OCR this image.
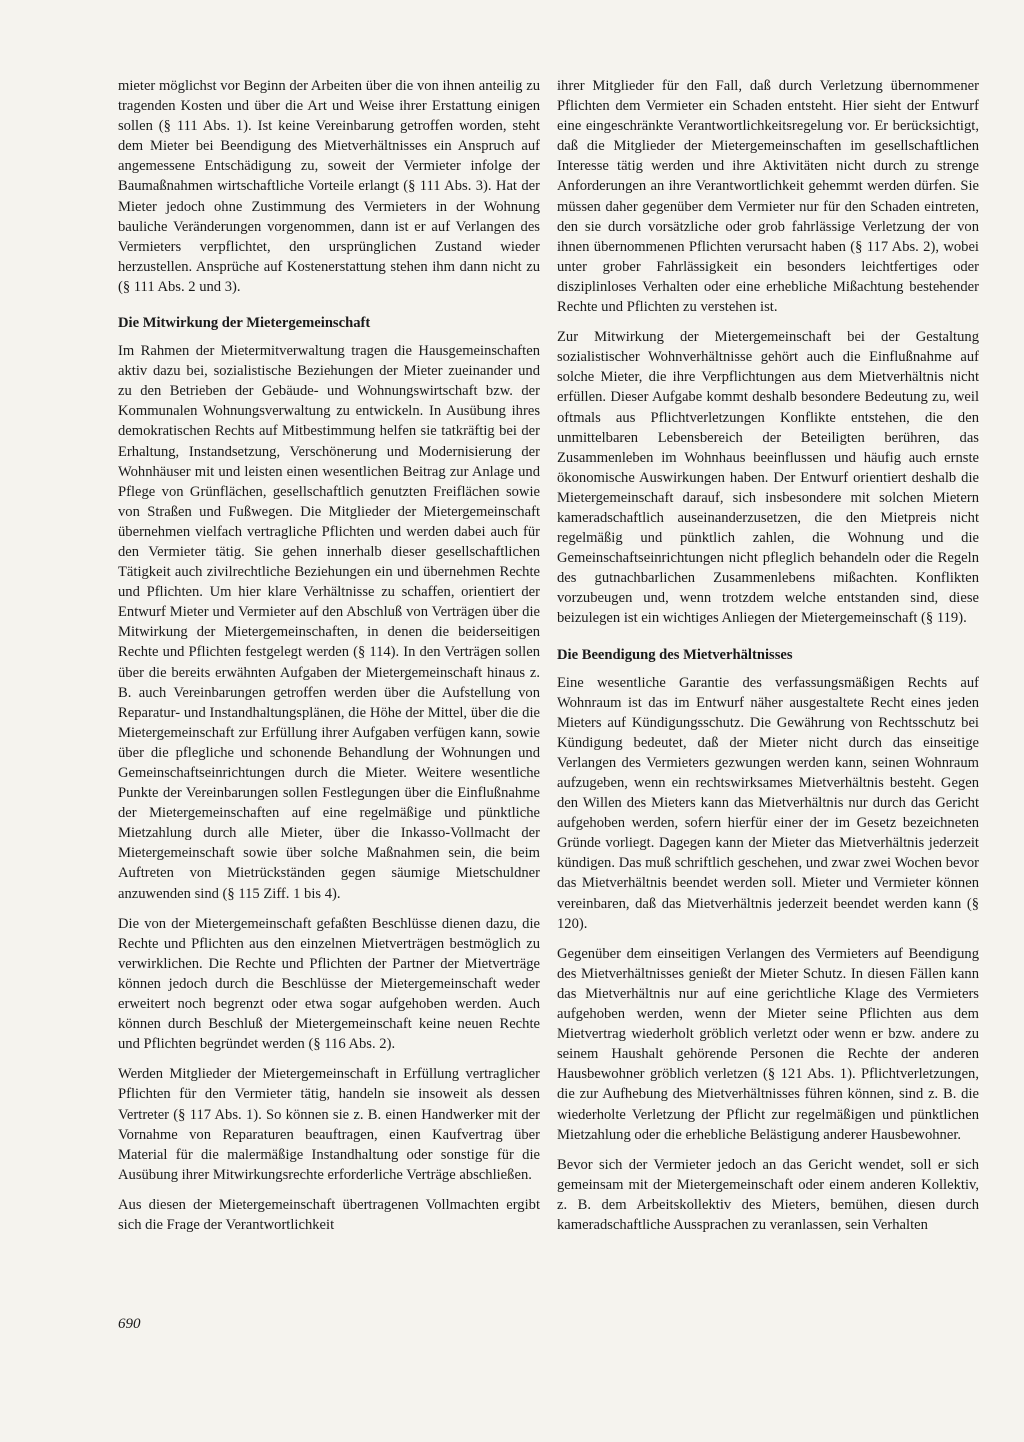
mieter möglichst vor Beginn der Arbeiten über die von ihnen anteilig zu tragenden Kosten und über die Art und Weise ihrer Erstattung einigen sollen (§ 111 Abs. 1). Ist keine Vereinbarung getroffen worden, steht dem Mieter bei Beendigung des Mietverhältnisses ein Anspruch auf angemessene Entschädigung zu, soweit der Vermieter infolge der Baumaßnahmen wirtschaftliche Vorteile erlangt (§ 111 Abs. 3). Hat der Mieter jedoch ohne Zustimmung des Vermieters in der Wohnung bauliche Veränderungen vorgenommen, dann ist er auf Verlangen des Vermieters verpflichtet, den ursprünglichen Zustand wieder herzustellen. Ansprüche auf Kostenerstattung stehen ihm dann nicht zu (§ 111 Abs. 2 und 3).

Die Mitwirkung der Mietergemeinschaft

Im Rahmen der Mietermitverwaltung tragen die Hausgemeinschaften aktiv dazu bei, sozialistische Beziehungen der Mieter zueinander und zu den Betrieben der Gebäude- und Wohnungswirtschaft bzw. der Kommunalen Wohnungsverwaltung zu entwickeln. In Ausübung ihres demokratischen Rechts auf Mitbestimmung helfen sie tatkräftig bei der Erhaltung, Instandsetzung, Verschönerung und Modernisierung der Wohnhäuser mit und leisten einen wesentlichen Beitrag zur Anlage und Pflege von Grünflächen, gesellschaftlich genutzten Freiflächen sowie von Straßen und Fußwegen. Die Mitglieder der Mietergemeinschaft übernehmen vielfach vertragliche Pflichten und werden dabei auch für den Vermieter tätig. Sie gehen innerhalb dieser gesellschaftlichen Tätigkeit auch zivilrechtliche Beziehungen ein und übernehmen Rechte und Pflichten. Um hier klare Verhältnisse zu schaffen, orientiert der Entwurf Mieter und Vermieter auf den Abschluß von Verträgen über die Mitwirkung der Mietergemeinschaften, in denen die beiderseitigen Rechte und Pflichten festgelegt werden (§ 114). In den Verträgen sollen über die bereits erwähnten Aufgaben der Mietergemeinschaft hinaus z. B. auch Vereinbarungen getroffen werden über die Aufstellung von Reparatur- und Instandhaltungsplänen, die Höhe der Mittel, über die die Mietergemeinschaft zur Erfüllung ihrer Aufgaben verfügen kann, sowie über die pflegliche und schonende Behandlung der Wohnungen und Gemeinschaftseinrichtungen durch die Mieter. Weitere wesentliche Punkte der Vereinbarungen sollen Festlegungen über die Einflußnahme der Mietergemeinschaften auf eine regelmäßige und pünktliche Mietzahlung durch alle Mieter, über die Inkasso-Vollmacht der Mietergemeinschaft sowie über solche Maßnahmen sein, die beim Auftreten von Mietrückständen gegen säumige Mietschuldner anzuwenden sind (§ 115 Ziff. 1 bis 4).

Die von der Mietergemeinschaft gefaßten Beschlüsse dienen dazu, die Rechte und Pflichten aus den einzelnen Mietverträgen bestmöglich zu verwirklichen. Die Rechte und Pflichten der Partner der Mietverträge können jedoch durch die Beschlüsse der Mietergemeinschaft weder erweitert noch begrenzt oder etwa sogar aufgehoben werden. Auch können durch Beschluß der Mietergemeinschaft keine neuen Rechte und Pflichten begründet werden (§ 116 Abs. 2).

Werden Mitglieder der Mietergemeinschaft in Erfüllung vertraglicher Pflichten für den Vermieter tätig, handeln sie insoweit als dessen Vertreter (§ 117 Abs. 1). So können sie z. B. einen Handwerker mit der Vornahme von Reparaturen beauftragen, einen Kaufvertrag über Material für die malermäßige Instandhaltung oder sonstige für die Ausübung ihrer Mitwirkungsrechte erforderliche Verträge abschließen.

Aus diesen der Mietergemeinschaft übertragenen Vollmachten ergibt sich die Frage der Verantwortlichkeit

ihrer Mitglieder für den Fall, daß durch Verletzung übernommener Pflichten dem Vermieter ein Schaden entsteht. Hier sieht der Entwurf eine eingeschränkte Verantwortlichkeitsregelung vor. Er berücksichtigt, daß die Mitglieder der Mietergemeinschaften im gesellschaftlichen Interesse tätig werden und ihre Aktivitäten nicht durch zu strenge Anforderungen an ihre Verantwortlichkeit gehemmt werden dürfen. Sie müssen daher gegenüber dem Vermieter nur für den Schaden eintreten, den sie durch vorsätzliche oder grob fahrlässige Verletzung der von ihnen übernommenen Pflichten verursacht haben (§ 117 Abs. 2), wobei unter grober Fahrlässigkeit ein besonders leichtfertiges oder disziplinloses Verhalten oder eine erhebliche Mißachtung bestehender Rechte und Pflichten zu verstehen ist.

Zur Mitwirkung der Mietergemeinschaft bei der Gestaltung sozialistischer Wohnverhältnisse gehört auch die Einflußnahme auf solche Mieter, die ihre Verpflichtungen aus dem Mietverhältnis nicht erfüllen. Dieser Aufgabe kommt deshalb besondere Bedeutung zu, weil oftmals aus Pflichtverletzungen Konflikte entstehen, die den unmittelbaren Lebensbereich der Beteiligten berühren, das Zusammenleben im Wohnhaus beeinflussen und häufig auch ernste ökonomische Auswirkungen haben. Der Entwurf orientiert deshalb die Mietergemeinschaft darauf, sich insbesondere mit solchen Mietern kameradschaftlich auseinanderzusetzen, die den Mietpreis nicht regelmäßig und pünktlich zahlen, die Wohnung und die Gemeinschaftseinrichtungen nicht pfleglich behandeln oder die Regeln des gutnachbarlichen Zusammenlebens mißachten. Konflikten vorzubeugen und, wenn trotzdem welche entstanden sind, diese beizulegen ist ein wichtiges Anliegen der Mietergemeinschaft (§ 119).

Die Beendigung des Mietverhältnisses

Eine wesentliche Garantie des verfassungsmäßigen Rechts auf Wohnraum ist das im Entwurf näher ausgestaltete Recht eines jeden Mieters auf Kündigungsschutz. Die Gewährung von Rechtsschutz bei Kündigung bedeutet, daß der Mieter nicht durch das einseitige Verlangen des Vermieters gezwungen werden kann, seinen Wohnraum aufzugeben, wenn ein rechtswirksames Mietverhältnis besteht. Gegen den Willen des Mieters kann das Mietverhältnis nur durch das Gericht aufgehoben werden, sofern hierfür einer der im Gesetz bezeichneten Gründe vorliegt. Dagegen kann der Mieter das Mietverhältnis jederzeit kündigen. Das muß schriftlich geschehen, und zwar zwei Wochen bevor das Mietverhältnis beendet werden soll. Mieter und Vermieter können vereinbaren, daß das Mietverhältnis jederzeit beendet werden kann (§ 120).

Gegenüber dem einseitigen Verlangen des Vermieters auf Beendigung des Mietverhältnisses genießt der Mieter Schutz. In diesen Fällen kann das Mietverhältnis nur auf eine gerichtliche Klage des Vermieters aufgehoben werden, wenn der Mieter seine Pflichten aus dem Mietvertrag wiederholt gröblich verletzt oder wenn er bzw. andere zu seinem Haushalt gehörende Personen die Rechte der anderen Hausbewohner gröblich verletzen (§ 121 Abs. 1). Pflichtverletzungen, die zur Aufhebung des Mietverhältnisses führen können, sind z. B. die wiederholte Verletzung der Pflicht zur regelmäßigen und pünktlichen Mietzahlung oder die erhebliche Belästigung anderer Hausbewohner.

Bevor sich der Vermieter jedoch an das Gericht wendet, soll er sich gemeinsam mit der Mietergemeinschaft oder einem anderen Kollektiv, z. B. dem Arbeitskollektiv des Mieters, bemühen, diesen durch kameradschaftliche Aussprachen zu veranlassen, sein Verhalten

690
